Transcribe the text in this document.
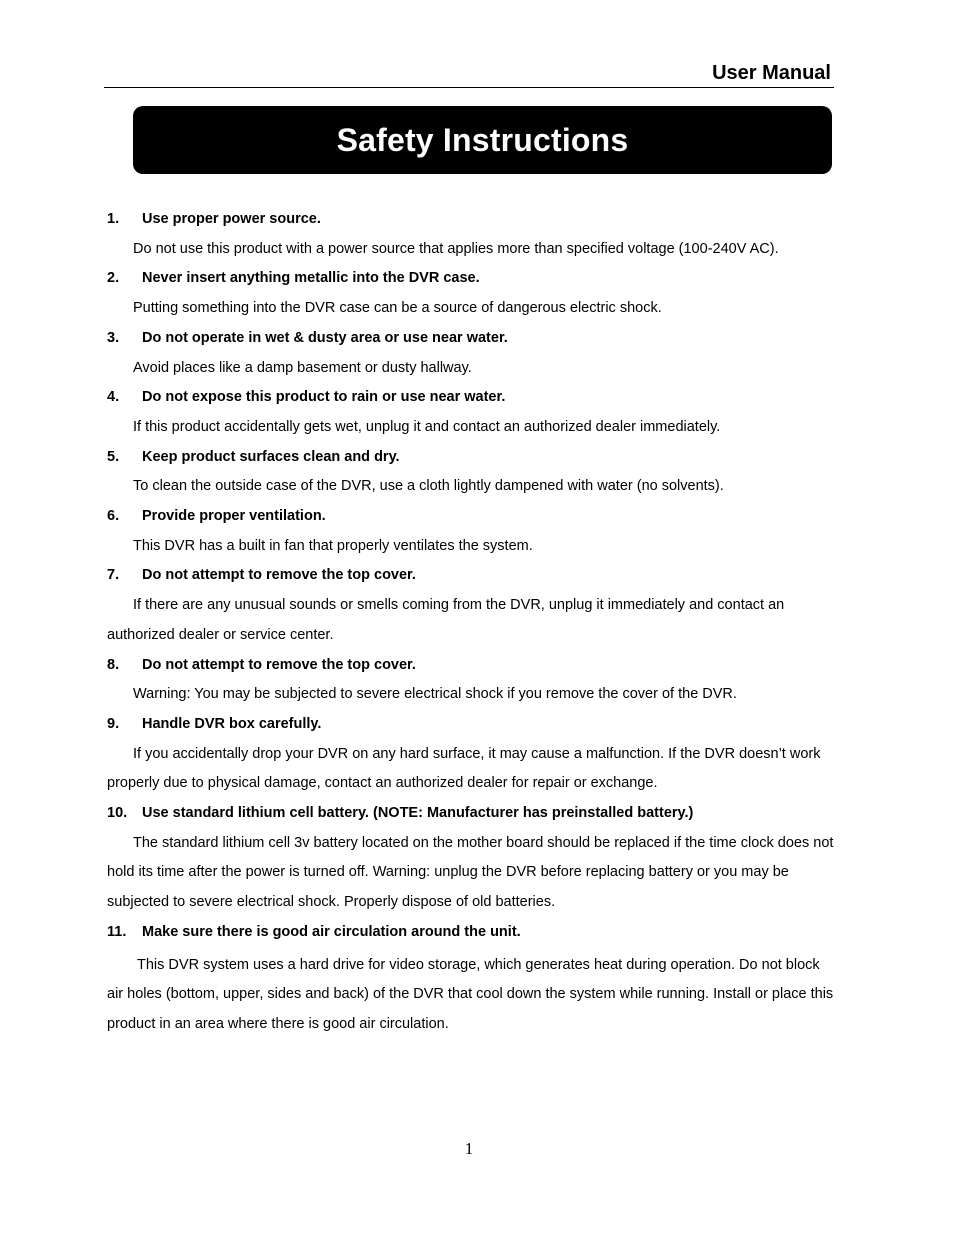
User Manual
Safety Instructions
1.	Use proper power source.
Do not use this product with a power source that applies more than specified voltage (100-240V AC).
2.	Never insert anything metallic into the DVR case.
Putting something into the DVR case can be a source of dangerous electric shock.
3.	Do not operate in wet & dusty area or use near water.
Avoid places like a damp basement or dusty hallway.
4.	Do not expose this product to rain or use near water.
If this product accidentally gets wet, unplug it and contact an authorized dealer immediately.
5.	Keep product surfaces clean and dry.
To clean the outside case of the DVR, use a cloth lightly dampened with water (no solvents).
6.	Provide proper ventilation.
This DVR has a built in fan that properly ventilates the system.
7.	Do not attempt to remove the top cover.
If there are any unusual sounds or smells coming from the DVR, unplug it immediately and contact an authorized dealer or service center.
8.	Do not attempt to remove the top cover.
Warning: You may be subjected to severe electrical shock if you remove the cover of the DVR.
9.	Handle DVR box carefully.
If you accidentally drop your DVR on any hard surface, it may cause a malfunction. If the DVR doesn’t work properly due to physical damage, contact an authorized dealer for repair or exchange.
10.	Use standard lithium cell battery. (NOTE: Manufacturer has preinstalled battery.)
The standard lithium cell 3v battery located on the mother board should be replaced if the time clock does not hold its time after the power is turned off. Warning: unplug the DVR before replacing battery or you may be subjected to severe electrical shock. Properly dispose of old batteries.
11.	Make sure there is good air circulation around the unit.
This DVR system uses a hard drive for video storage, which generates heat during operation. Do not block air holes (bottom, upper, sides and back) of the DVR that cool down the system while running. Install or place this product in an area where there is good air circulation.
1
